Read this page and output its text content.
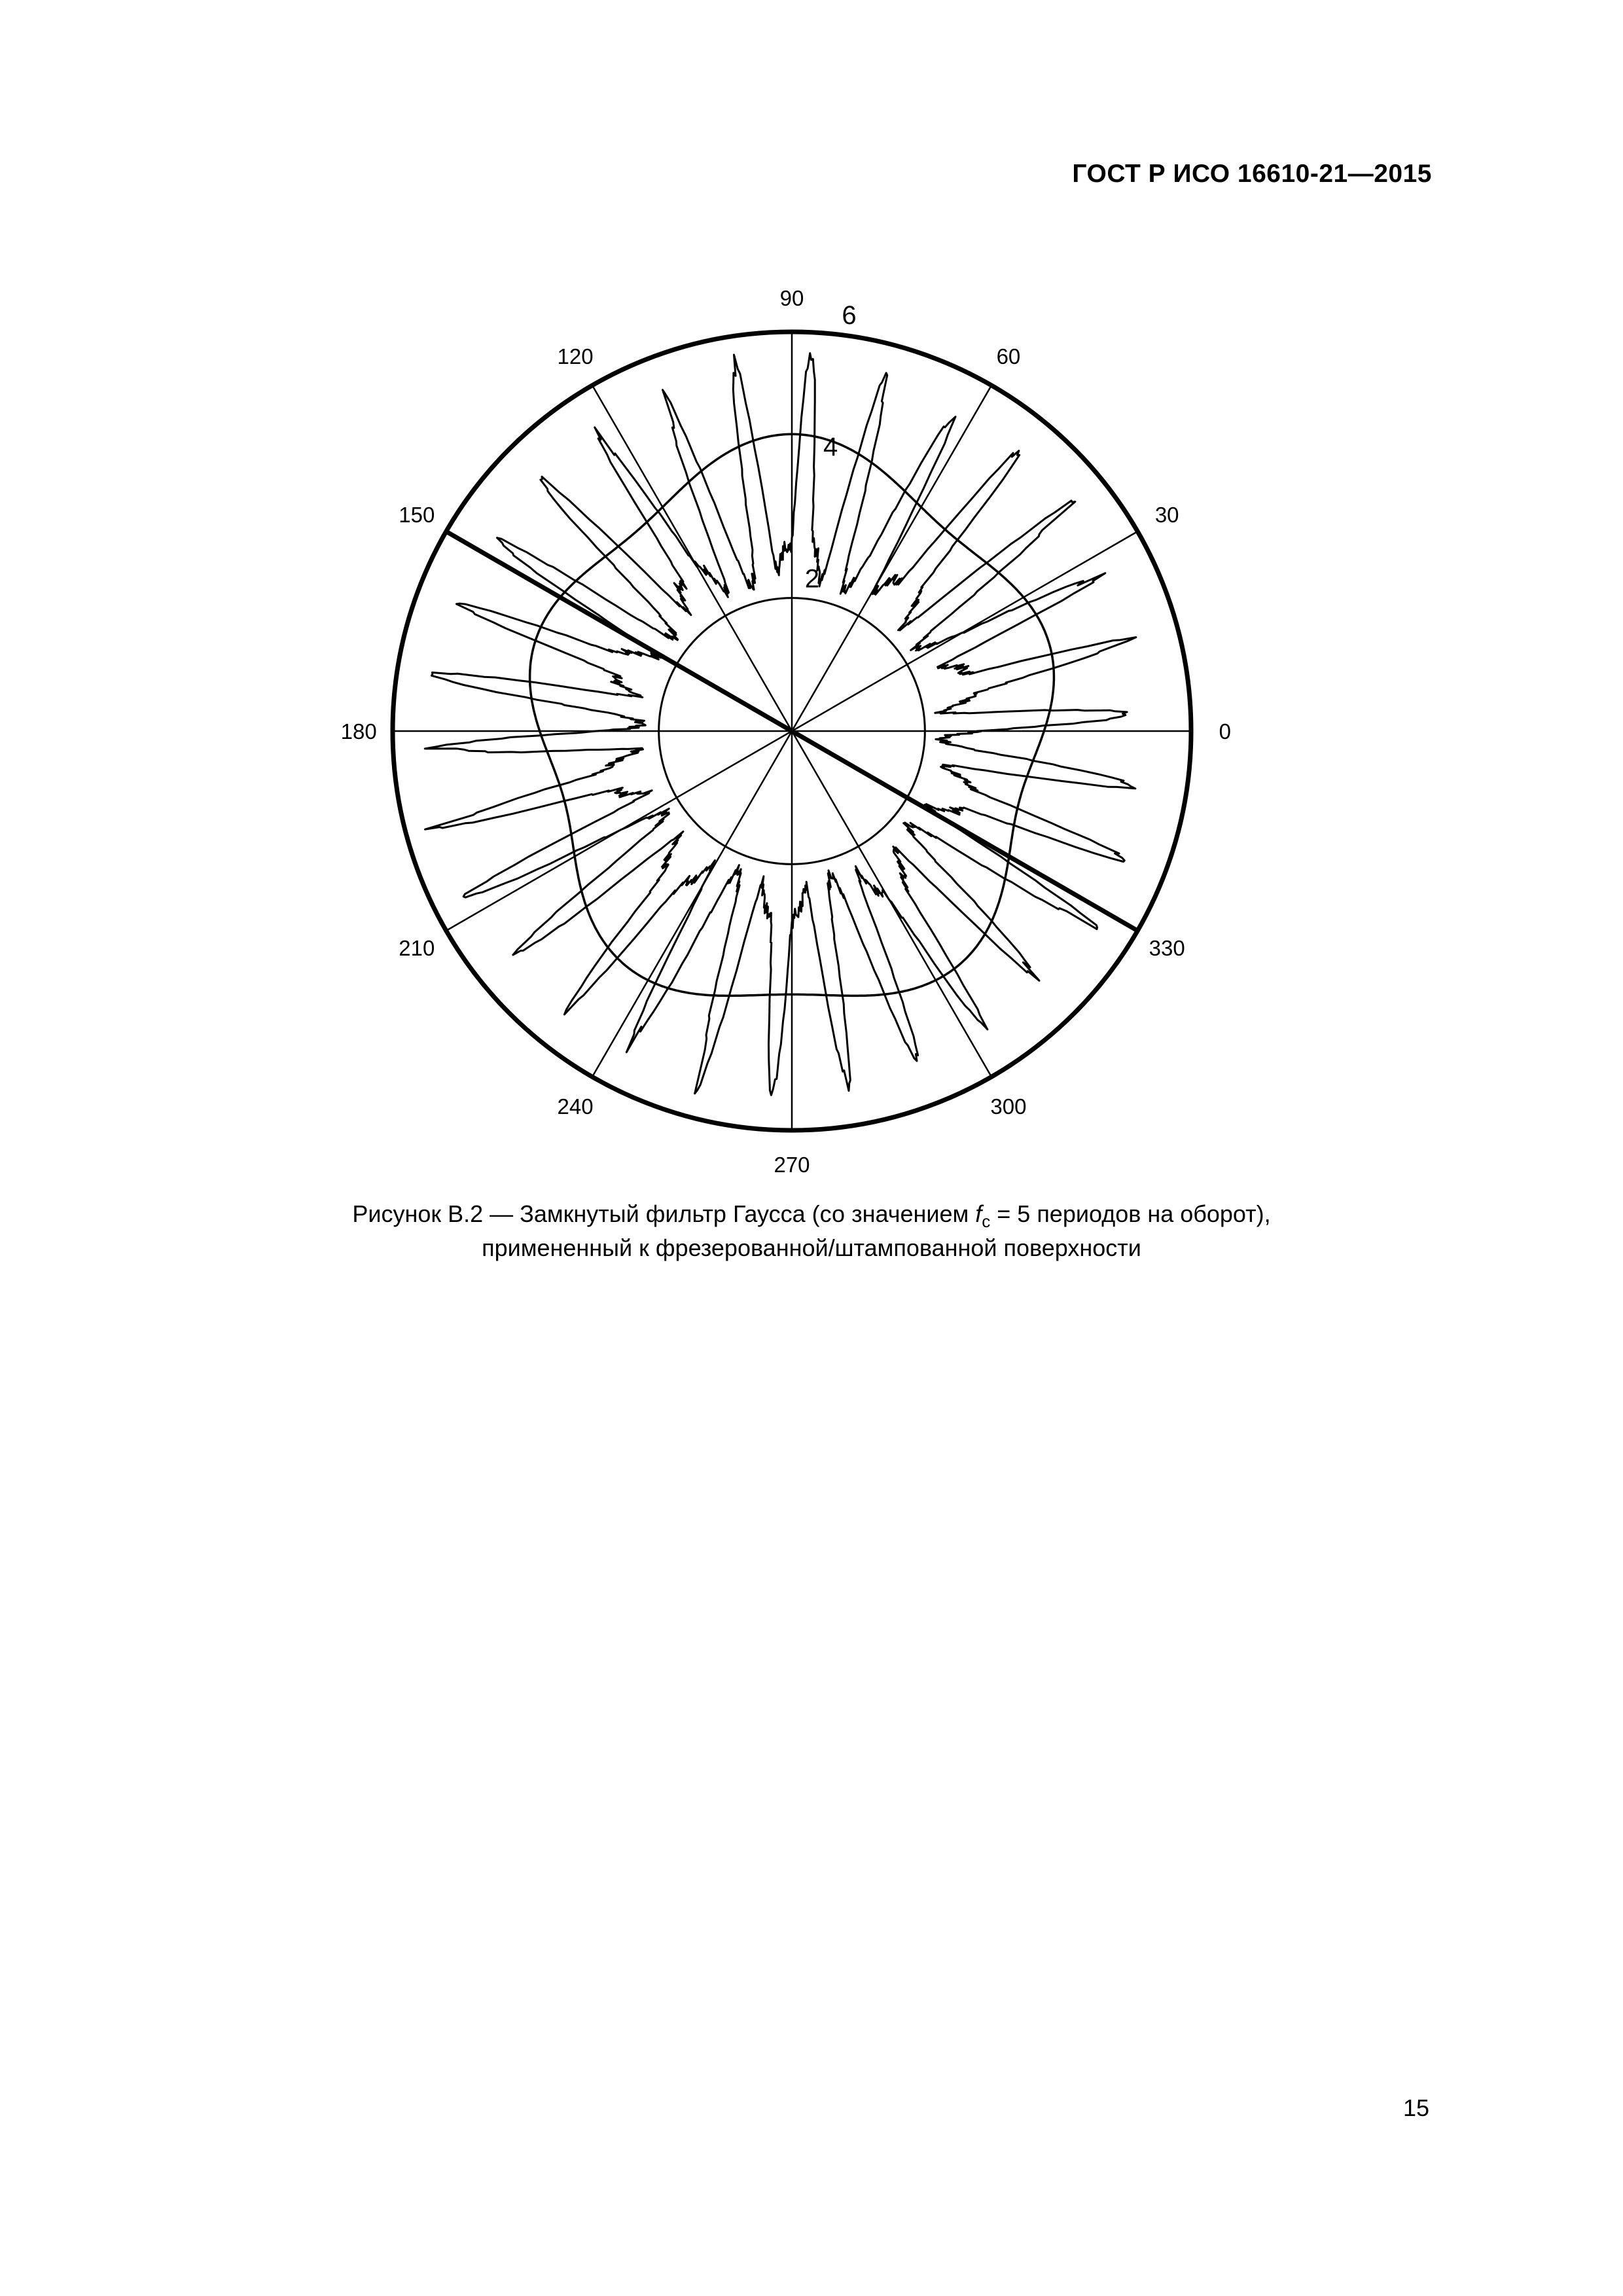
ГОСТ Р ИСО 16610-21—2015
0
30
60
90
120
150
180
210
240
270
300
330
2
4
6
Рисунок В.2 — Замкнутый фильтр Гаусса (со значением $f_c = 5$ периодов на оборот),
примененный к фрезерованной/штампованной поверхности
15
